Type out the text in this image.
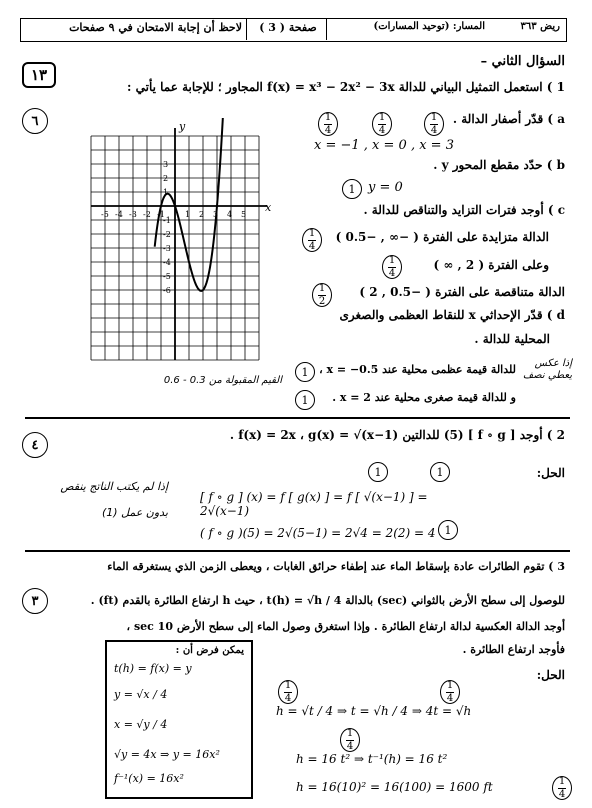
لاحظ أن إجابة الامتحان في ٩ صفحات	صفحة ( 3 )	المسار: (توحيد المسارات)	ريض ٣٦٣
السؤال الثاني –
١٣
1 ) استعمل التمثيل البياني للدالة f(x) = x³ − 2x² − 3x المجاور ؛ للإجابة عما يأتي :
٦
-5 -4 -3 -2 -1	1 2 3 4 5
3
2
1
-1
-2
-3
-4
-5
-6
x
y
a ) قدّر أصفار الدالة .
$\frac{1}{4}$	$\frac{1}{4}$	$\frac{1}{4}$
x = −1 , x = 0 , x = 3
b ) حدّد مقطع المحور y .
1 y = 0
c ) أوجد فترات التزايد والتناقص للدالة .
$\frac{1}{4}$	الدالة متزايدة على الفترة ( −∞ , −0.5 )
$\frac{1}{4}$	وعلى الفترة ( 2 , ∞ )
$\frac{1}{2}$	الدالة متناقصة على الفترة ( −0.5 , 2 )
d ) قدّر الإحداثي x للنقاط العظمى والصغرى
المحلية للدالة .
1 للدالة قيمة عظمى محلية عند x = −0.5 ،
1	و للدالة قيمة صغرى محلية عند x = 2 .
إذا عكس يعطي نصف
القيم المقبولة من 0.3 - 0.6
٤
2 ) أوجد [ f ∘ g ] (5) للدالتين f(x) = 2x ، g(x) = √(x−1) .
الحل:
1	1
[ f ∘ g ] (x) = f [ g(x) ] = f [ √(x−1) ] = 2√(x−1)
( f ∘ g )(5) = 2√(5−1) = 2√4 = 2(2) = 4 1
إذا لم يكتب الناتج ينقص
بدون عمل (1)
3 ) تقوم الطائرات عادة بإسقاط الماء عند إطفاء حرائق الغابات ، ويعطى الزمن الذي يستغرقه الماء
٣	للوصول إلى سطح الأرض بالثواني (sec) بالدالة t(h) = √h / 4 ، حيث h ارتفاع الطائرة بالقدم (ft) .
أوجد الدالة العكسية لدالة ارتفاع الطائرة . وإذا استغرق وصول الماء إلى سطح الأرض 10 sec ،
فأوجد ارتفاع الطائرة .
يمكن فرض أن :
t(h) = f(x) = y
y = √x / 4
x = √y / 4
√y = 4x ⇒ y = 16x²
f⁻¹(x) = 16x²
الحل:
$\frac{1}{4}$	$\frac{1}{4}$
h = √t / 4 ⇒ t = √h / 4 ⇒ 4t = √h
$\frac{1}{4}$
h = 16 t² ⇒ t⁻¹(h) = 16 t²
h = 16(10)² = 16(100) = 1600 ft	$\frac{1}{4}$
